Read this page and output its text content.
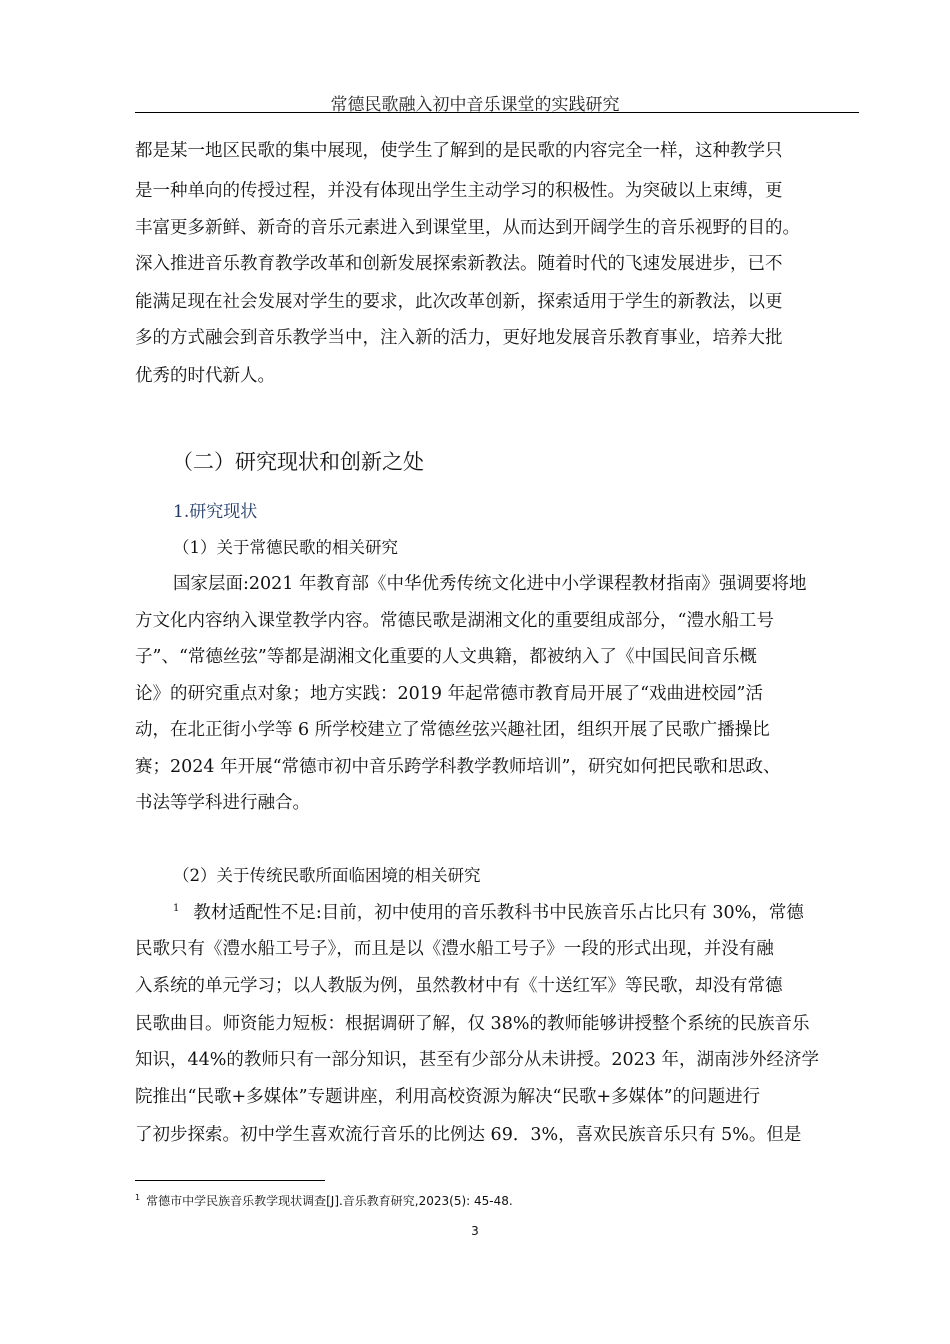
常德民歌融入初中音乐课堂的实践研究
都是某一地区民歌的集中展现，使学生了解到的是民歌的内容完全一样，这种教学只
是一种单向的传授过程，并没有体现出学生主动学习的积极性。为突破以上束缚，更
丰富更多新鲜、新奇的音乐元素进入到课堂里，从而达到开阔学生的音乐视野的目的。
深入推进音乐教育教学改革和创新发展探索新教法。随着时代的飞速发展进步，已不
能满足现在社会发展对学生的要求，此次改革创新，探索适用于学生的新教法，以更
多的方式融会到音乐教学当中，注入新的活力，更好地发展音乐教育事业，培养大批
优秀的时代新人。
（二）研究现状和创新之处
1.研究现状
（1）关于常德民歌的相关研究
国家层面:2021 年教育部《中华优秀传统文化进中小学课程教材指南》强调要将地
方文化内容纳入课堂教学内容。常德民歌是湖湘文化的重要组成部分，“澧水船工号
子”、“常德丝弦”等都是湖湘文化重要的人文典籍，都被纳入了《中国民间音乐概
论》的研究重点对象；地方实践：2019 年起常德市教育局开展了“戏曲进校园”活
动，在北正街小学等 6 所学校建立了常德丝弦兴趣社团，组织开展了民歌广播操比
赛；2024 年开展“常德市初中音乐跨学科教学教师培训”，研究如何把民歌和思政、
书法等学科进行融合。
（2）关于传统民歌所面临困境的相关研究
$^1$ 教材适配性不足:目前，初中使用的音乐教科书中民族音乐占比只有 30%，常德
民歌只有《澧水船工号子》，而且是以《澧水船工号子》一段的形式出现，并没有融
入系统的单元学习；以人教版为例，虽然教材中有《十送红军》等民歌，却没有常德
民歌曲目。师资能力短板：根据调研了解，仅 38%的教师能够讲授整个系统的民族音乐
知识，44%的教师只有一部分知识，甚至有少部分从未讲授。2023 年，湖南涉外经济学
院推出“民歌+多媒体”专题讲座，利用高校资源为解决“民歌+多媒体”的问题进行
了初步探索。初中学生喜欢流行音乐的比例达 69．3%，喜欢民族音乐只有 5%。但是
$^1$ 常德市中学民族音乐教学现状调查[J].音乐教育研究,2023(5): 45-48.
3
